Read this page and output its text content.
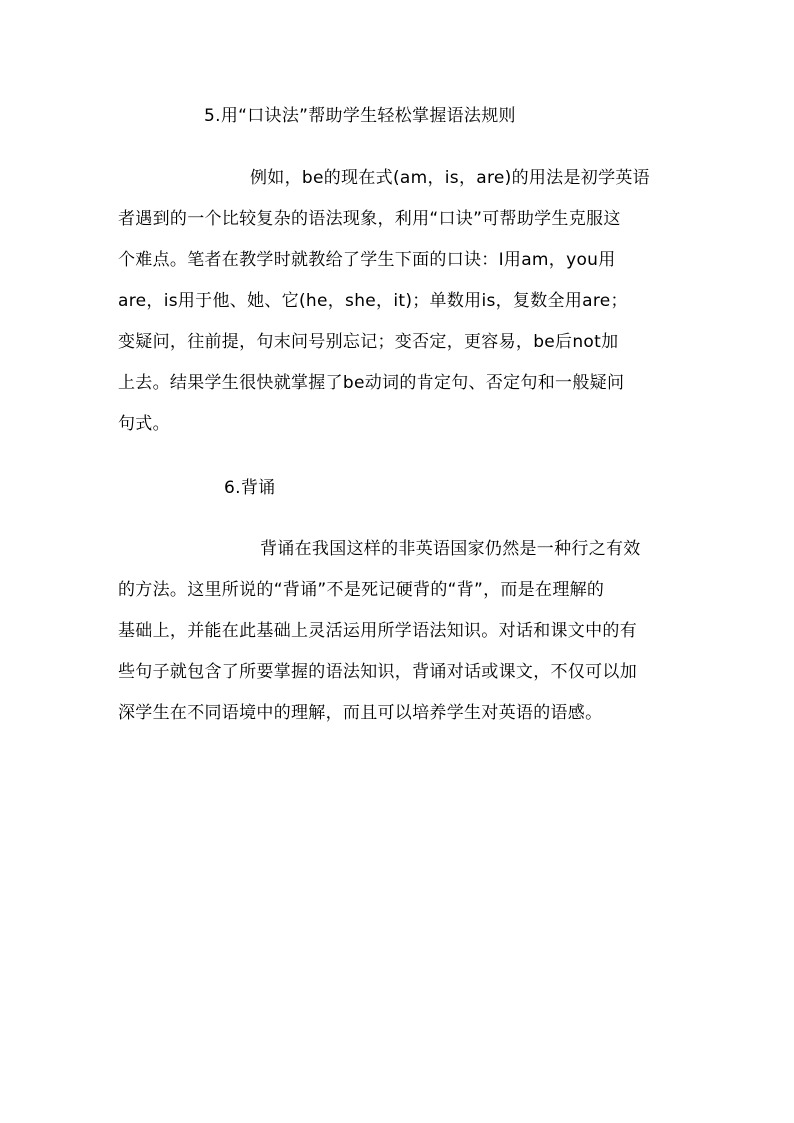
5.用“口诀法”帮助学生轻松掌握语法规则
例如，be的现在式(am，is，are)的用法是初学英语
者遇到的一个比较复杂的语法现象，利用“口诀”可帮助学生克服这
个难点。笔者在教学时就教给了学生下面的口诀：I用am，you用
are，is用于他、她、它(he，she，it)；单数用is，复数全用are；
变疑问，往前提，句末问号别忘记；变否定，更容易，be后not加
上去。结果学生很快就掌握了be动词的肯定句、否定句和一般疑问
句式。
6.背诵
背诵在我国这样的非英语国家仍然是一种行之有效
的方法。这里所说的“背诵”不是死记硬背的“背”，而是在理解的
基础上，并能在此基础上灵活运用所学语法知识。对话和课文中的有
些句子就包含了所要掌握的语法知识，背诵对话或课文，不仅可以加
深学生在不同语境中的理解，而且可以培养学生对英语的语感。
